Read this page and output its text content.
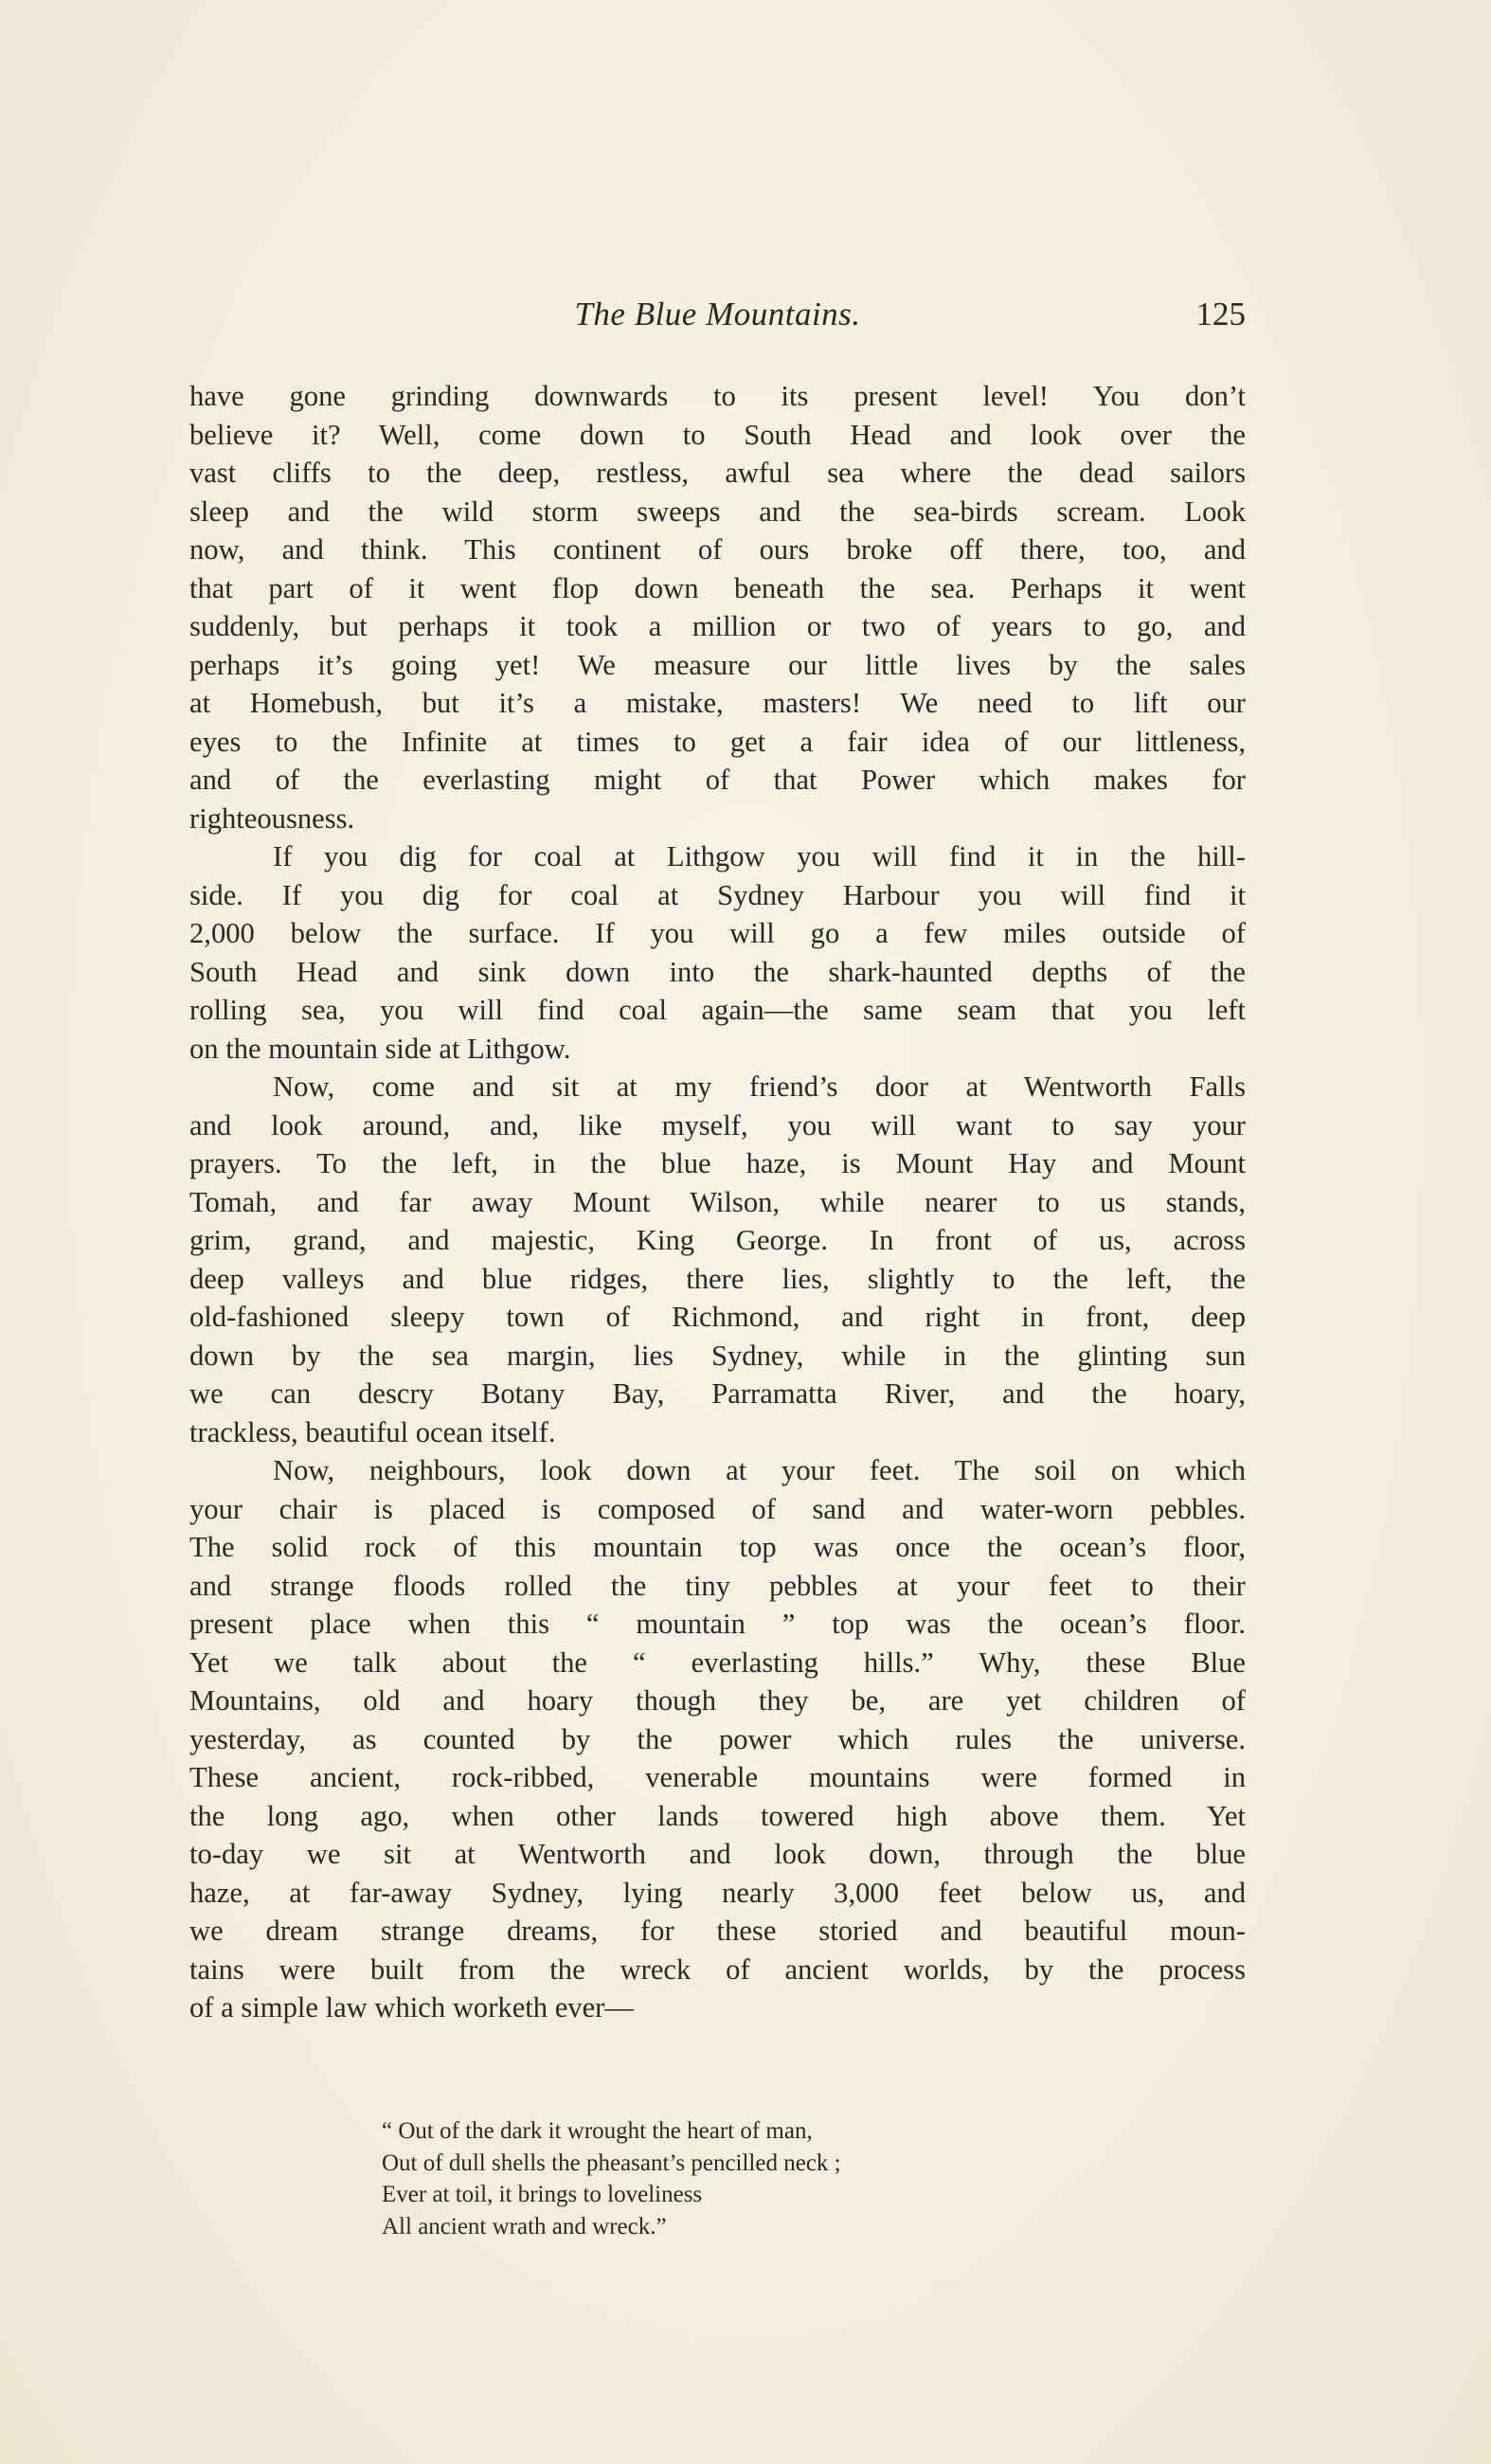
The Blue Mountains.	125

have gone grinding downwards to its present level! You don’t
believe it? Well, come down to South Head and look over the
vast cliffs to the deep, restless, awful sea where the dead sailors
sleep and the wild storm sweeps and the sea-birds scream. Look
now, and think. This continent of ours broke off there, too, and
that part of it went flop down beneath the sea. Perhaps it went
suddenly, but perhaps it took a million or two of years to go, and
perhaps it’s going yet! We measure our little lives by the sales
at Homebush, but it’s a mistake, masters! We need to lift our
eyes to the Infinite at times to get a fair idea of our littleness,
and of the everlasting might of that Power which makes for
righteousness.

If you dig for coal at Lithgow you will find it in the hill-
side. If you dig for coal at Sydney Harbour you will find it
2,000 below the surface. If you will go a few miles outside of
South Head and sink down into the shark-haunted depths of the
rolling sea, you will find coal again—the same seam that you left
on the mountain side at Lithgow.

Now, come and sit at my friend’s door at Wentworth Falls
and look around, and, like myself, you will want to say your
prayers. To the left, in the blue haze, is Mount Hay and Mount
Tomah, and far away Mount Wilson, while nearer to us stands,
grim, grand, and majestic, King George. In front of us, across
deep valleys and blue ridges, there lies, slightly to the left, the
old-fashioned sleepy town of Richmond, and right in front, deep
down by the sea margin, lies Sydney, while in the glinting sun
we can descry Botany Bay, Parramatta River, and the hoary,
trackless, beautiful ocean itself.

Now, neighbours, look down at your feet. The soil on which
your chair is placed is composed of sand and water-worn pebbles.
The solid rock of this mountain top was once the ocean’s floor,
and strange floods rolled the tiny pebbles at your feet to their
present place when this “ mountain ” top was the ocean’s floor.
Yet we talk about the “ everlasting hills.” Why, these Blue
Mountains, old and hoary though they be, are yet children of
yesterday, as counted by the power which rules the universe.
These ancient, rock-ribbed, venerable mountains were formed in
the long ago, when other lands towered high above them. Yet
to-day we sit at Wentworth and look down, through the blue
haze, at far-away Sydney, lying nearly 3,000 feet below us, and
we dream strange dreams, for these storied and beautiful moun-
tains were built from the wreck of ancient worlds, by the process
of a simple law which worketh ever—

“ Out of the dark it wrought the heart of man,
Out of dull shells the pheasant’s pencilled neck ;
Ever at toil, it brings to loveliness
All ancient wrath and wreck.”
